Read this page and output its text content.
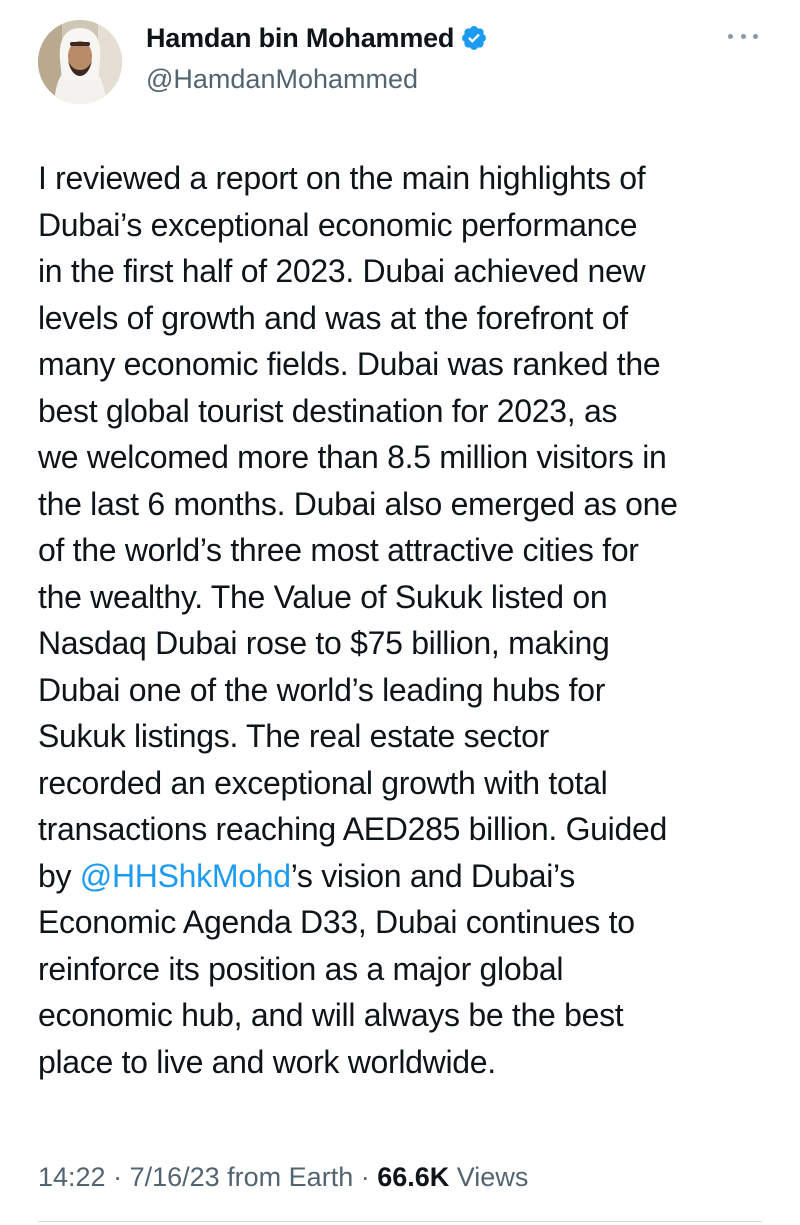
Hamdan bin Mohammed
@HamdanMohammed
I reviewed a report on the main highlights of
Dubai’s exceptional economic performance
in the first half of 2023. Dubai achieved new
levels of growth and was at the forefront of
many economic fields. Dubai was ranked the
best global tourist destination for 2023, as
we welcomed more than 8.5 million visitors in
the last 6 months. Dubai also emerged as one
of the world’s three most attractive cities for
the wealthy. The Value of Sukuk listed on
Nasdaq Dubai rose to $75 billion, making
Dubai one of the world’s leading hubs for
Sukuk listings. The real estate sector
recorded an exceptional growth with total
transactions reaching AED285 billion. Guided
by @HHShkMohd’s vision and Dubai’s
Economic Agenda D33, Dubai continues to
reinforce its position as a major global
economic hub, and will always be the best
place to live and work worldwide.
14:22 · 7/16/23 from Earth · 66.6K Views
